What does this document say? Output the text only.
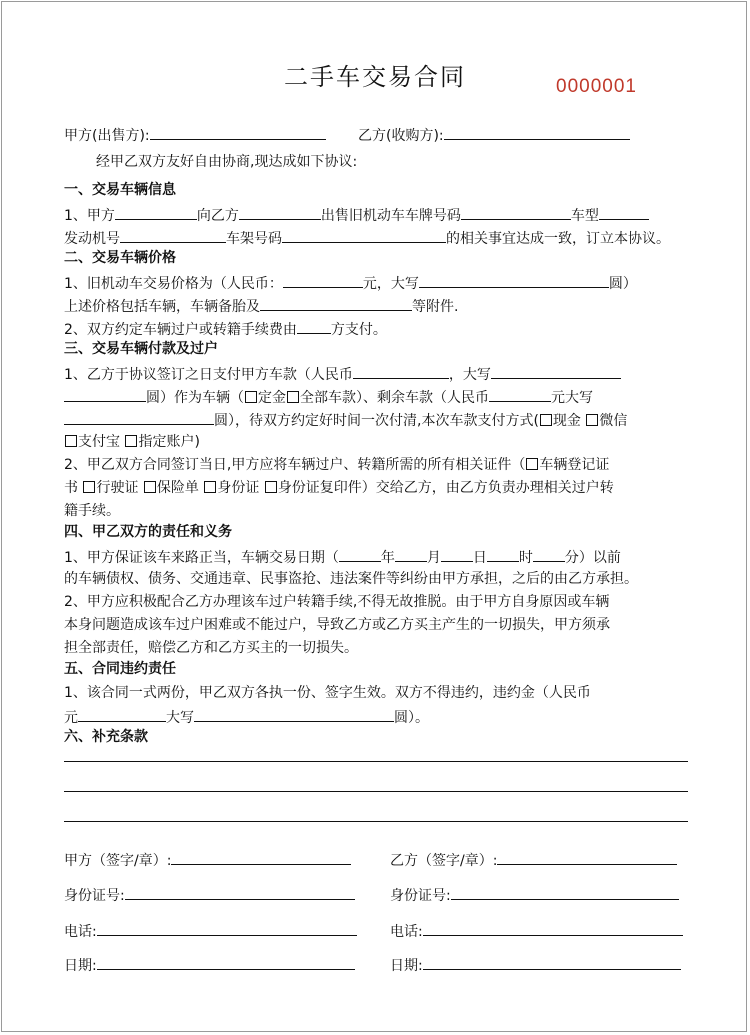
二手车交易合同	0000001
甲方(出售方):	乙方(收购方):
经甲乙双方友好自由协商,现达成如下协议:
一、交易车辆信息
1、甲方	向乙方	出售旧机动车车牌号码	车型
发动机号	车架号码	的相关事宜达成一致，订立本协议。
二、交易车辆价格
1、旧机动车交易价格为（人民币：	元，大写	圆）
上述价格包括车辆，车辆备胎及	等附件.
2、双方约定车辆过户或转籍手续费由 方支付。
三、交易车辆付款及过户
1、乙方于协议签订之日支付甲方车款（人民币	，大写
圆）作为车辆（ 定金 全部车款）、剩余车款（人民币	元大写
圆），待双方约定好时间一次付清,本次车款支付方式( 现金 微信
支付宝 指定账户)
2、甲乙双方合同签订当日,甲方应将车辆过户、转籍所需的所有相关证件（ 车辆登记证
书 行驶证 保险单 身份证 身份证复印件）交给乙方，由乙方负责办理相关过户转
籍手续。
四、甲乙双方的责任和义务
1、甲方保证该车来路正当，车辆交易日期（	年 月 日 时 分）以前
的车辆债权、债务、交通违章、民事盗抢、违法案件等纠纷由甲方承担，之后的由乙方承担。
2、甲方应积极配合乙方办理该车过户转籍手续,不得无故推脱。由于甲方自身原因或车辆
本身问题造成该车过户困难或不能过户，导致乙方或乙方买主产生的一切损失，甲方须承
担全部责任，赔偿乙方和乙方买主的一切损失。
五、合同违约责任
1、该合同一式两份，甲乙双方各执一份、签字生效。双方不得违约，违约金（人民币
元	大写	圆）。
六、补充条款
甲方（签字/章）:	乙方（签字/章）:
身份证号:	身份证号:
电话:	电话:
日期:	日期:
